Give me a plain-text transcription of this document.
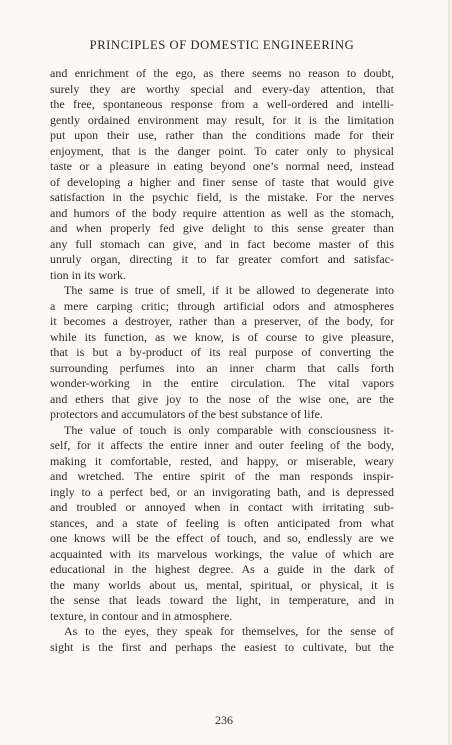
PRINCIPLES OF DOMESTIC ENGINEERING
and enrichment of the ego, as there seems no reason to doubt,
surely they are worthy special and every-day attention, that
the free, spontaneous response from a well-ordered and intelli-
gently ordained environment may result, for it is the limitation
put upon their use, rather than the conditions made for their
enjoyment, that is the danger point. To cater only to physical
taste or a pleasure in eating beyond one’s normal need, instead
of developing a higher and finer sense of taste that would give
satisfaction in the psychic field, is the mistake. For the nerves
and humors of the body require attention as well as the stomach,
and when properly fed give delight to this sense greater than
any full stomach can give, and in fact become master of this
unruly organ, directing it to far greater comfort and satisfac-
tion in its work.
The same is true of smell, if it be allowed to degenerate into
a mere carping critic; through artificial odors and atmospheres
it becomes a destroyer, rather than a preserver, of the body, for
while its function, as we know, is of course to give pleasure,
that is but a by-product of its real purpose of converting the
surrounding perfumes into an inner charm that calls forth
wonder-working in the entire circulation. The vital vapors
and ethers that give joy to the nose of the wise one, are the
protectors and accumulators of the best substance of life.
The value of touch is only comparable with consciousness it-
self, for it affects the entire inner and outer feeling of the body,
making it comfortable, rested, and happy, or miserable, weary
and wretched. The entire spirit of the man responds inspir-
ingly to a perfect bed, or an invigorating bath, and is depressed
and troubled or annoyed when in contact with irritating sub-
stances, and a state of feeling is often anticipated from what
one knows will be the effect of touch, and so, endlessly are we
acquainted with its marvelous workings, the value of which are
educational in the highest degree. As a guide in the dark of
the many worlds about us, mental, spiritual, or physical, it is
the sense that leads toward the light, in temperature, and in
texture, in contour and in atmosphere.
As to the eyes, they speak for themselves, for the sense of
sight is the first and perhaps the easiest to cultivate, but the
236
